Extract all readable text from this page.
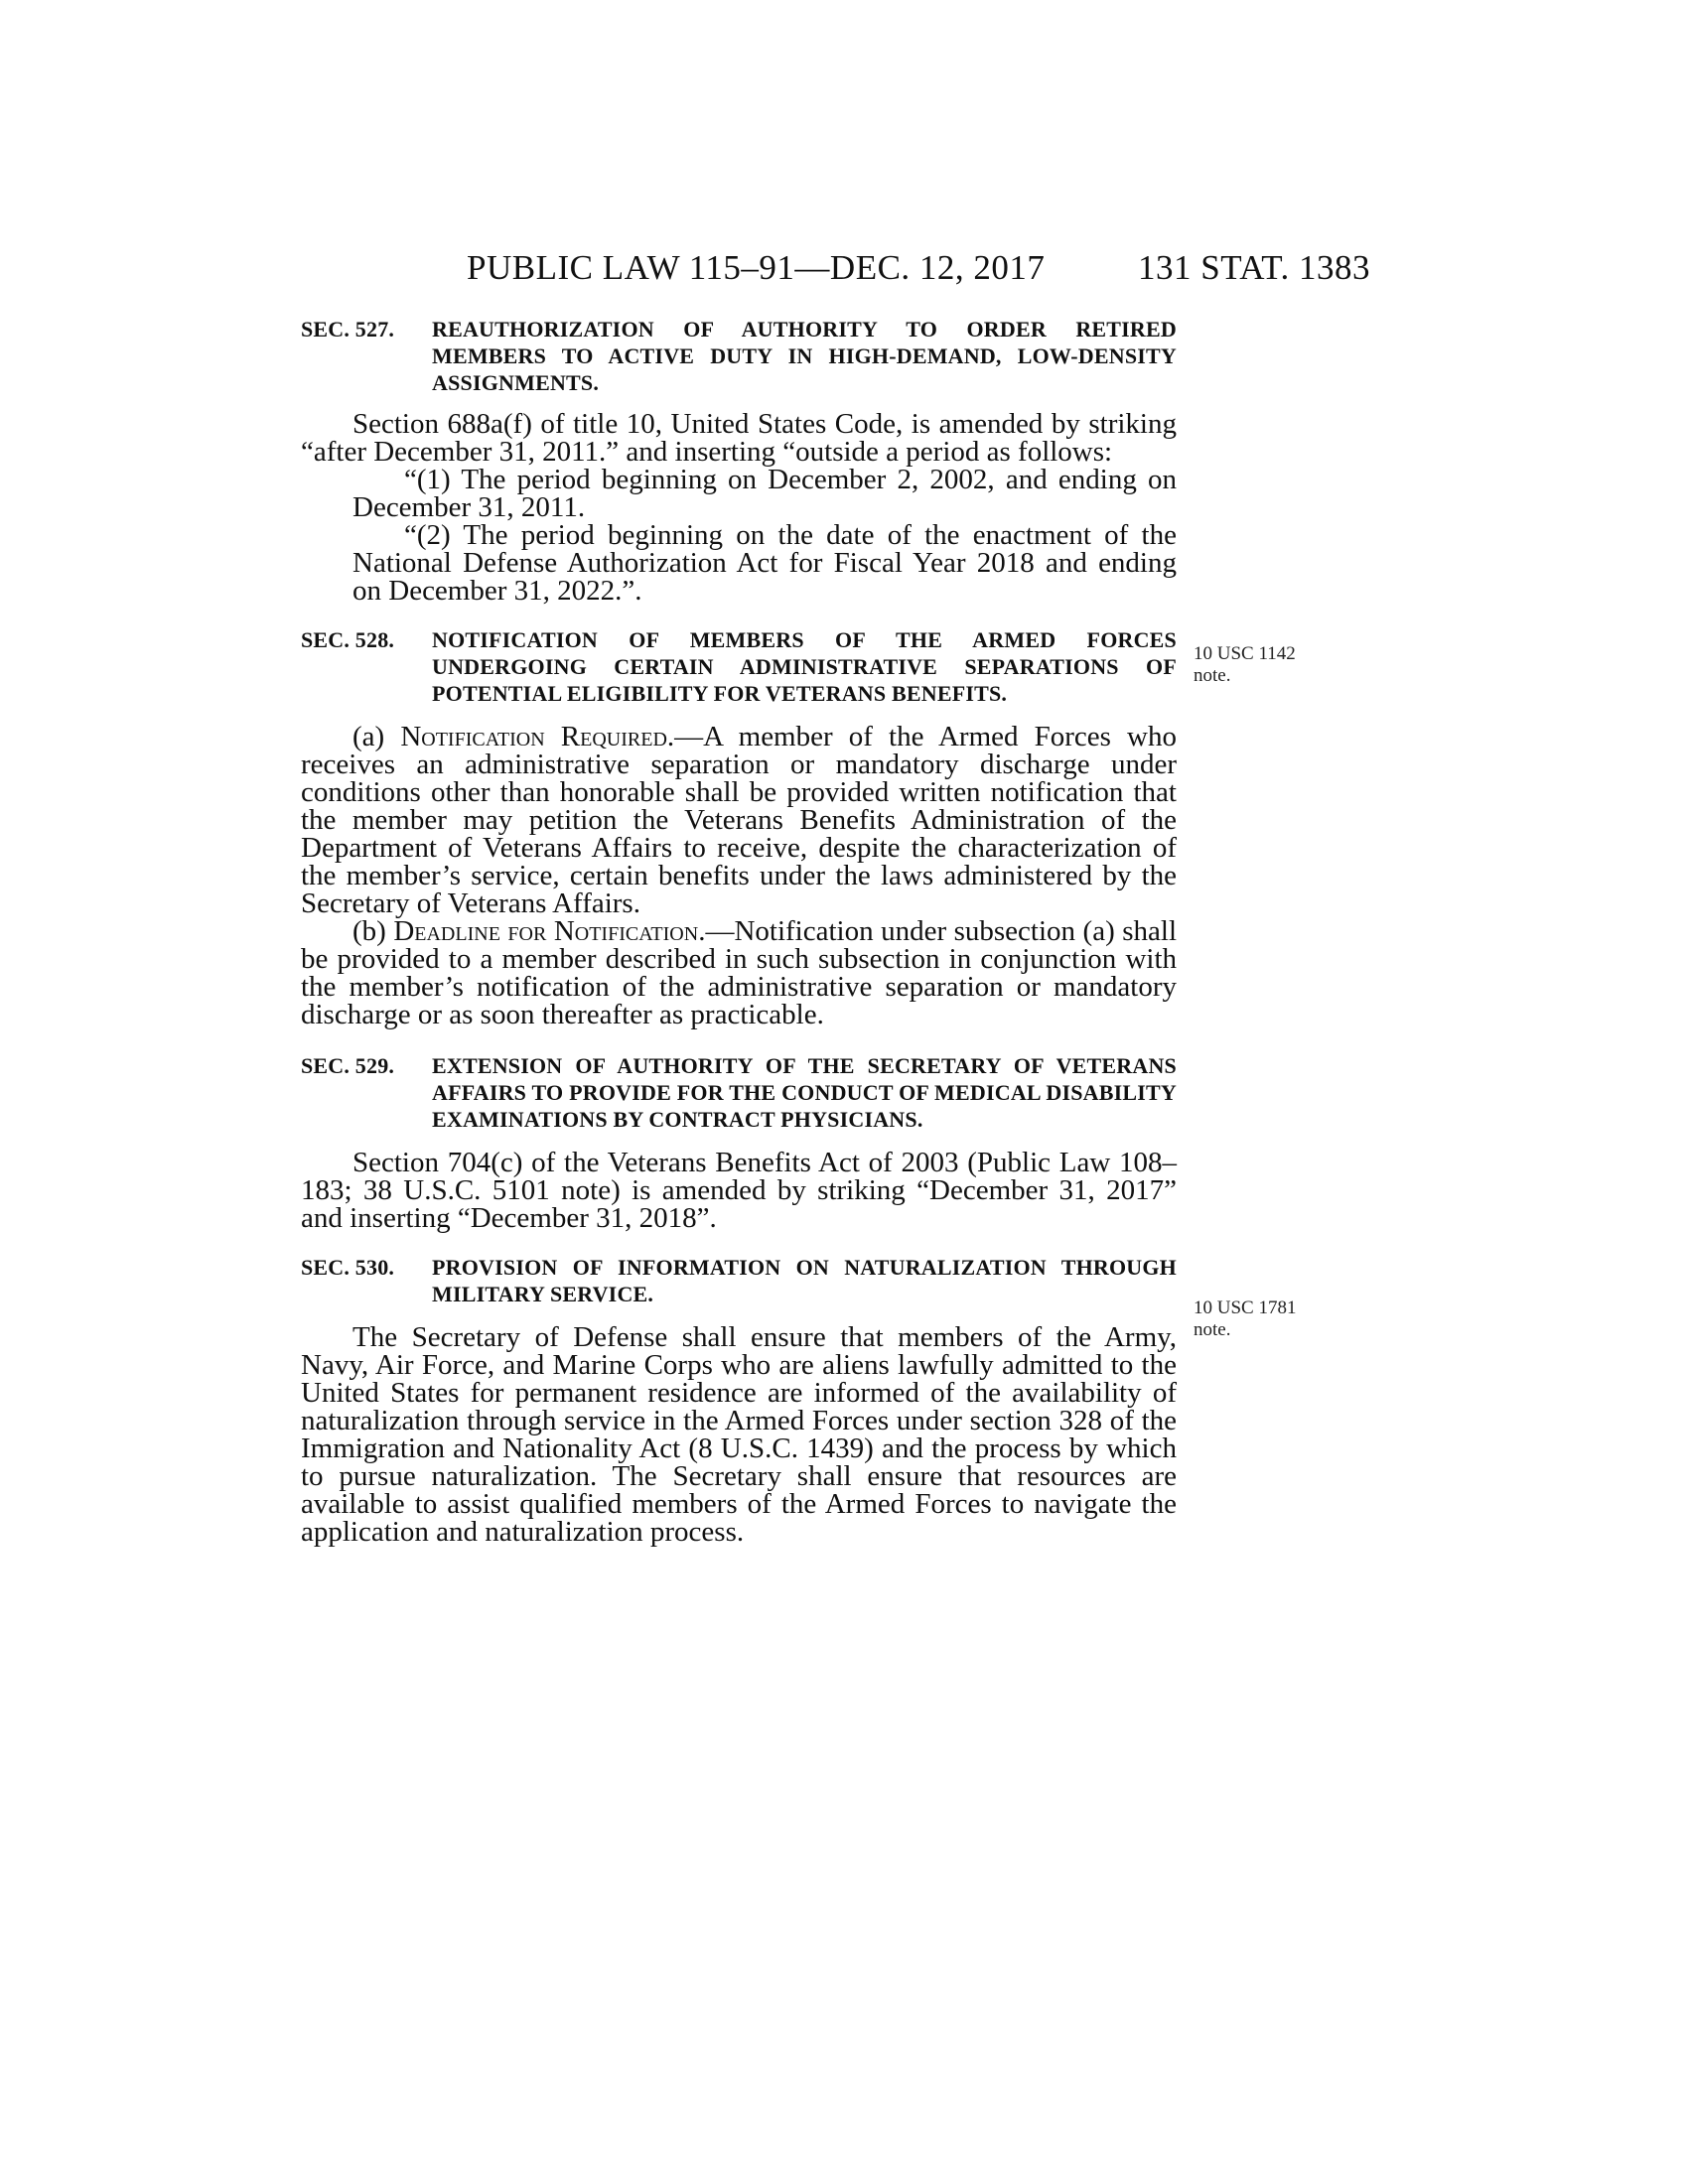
PUBLIC LAW 115–91—DEC. 12, 2017	131 STAT. 1383
10 USC 1142
note.
10 USC 1781
note.
SEC. 527. REAUTHORIZATION OF AUTHORITY TO ORDER RETIRED MEMBERS TO ACTIVE DUTY IN HIGH-DEMAND, LOW-DENSITY ASSIGNMENTS.

Section 688a(f) of title 10, United States Code, is amended by striking “after December 31, 2011.” and inserting “outside a period as follows:

“(1) The period beginning on December 2, 2002, and ending on December 31, 2011.

“(2) The period beginning on the date of the enactment of the National Defense Authorization Act for Fiscal Year 2018 and ending on December 31, 2022.”.

SEC. 528. NOTIFICATION OF MEMBERS OF THE ARMED FORCES UNDERGOING CERTAIN ADMINISTRATIVE SEPARATIONS OF POTENTIAL ELIGIBILITY FOR VETERANS BENEFITS.

(a) Notification Required.—A member of the Armed Forces who receives an administrative separation or mandatory discharge under conditions other than honorable shall be provided written notification that the member may petition the Veterans Benefits Administration of the Department of Veterans Affairs to receive, despite the characterization of the member’s service, certain benefits under the laws administered by the Secretary of Veterans Affairs.

(b) Deadline for Notification.—Notification under subsection (a) shall be provided to a member described in such subsection in conjunction with the member’s notification of the administrative separation or mandatory discharge or as soon thereafter as practicable.

SEC. 529. EXTENSION OF AUTHORITY OF THE SECRETARY OF VETERANS AFFAIRS TO PROVIDE FOR THE CONDUCT OF MEDICAL DISABILITY EXAMINATIONS BY CONTRACT PHYSICIANS.

Section 704(c) of the Veterans Benefits Act of 2003 (Public Law 108–183; 38 U.S.C. 5101 note) is amended by striking “December 31, 2017” and inserting “December 31, 2018”.

SEC. 530. PROVISION OF INFORMATION ON NATURALIZATION THROUGH MILITARY SERVICE.

The Secretary of Defense shall ensure that members of the Army, Navy, Air Force, and Marine Corps who are aliens lawfully admitted to the United States for permanent residence are informed of the availability of naturalization through service in the Armed Forces under section 328 of the Immigration and Nationality Act (8 U.S.C. 1439) and the process by which to pursue naturalization. The Secretary shall ensure that resources are available to assist qualified members of the Armed Forces to navigate the application and naturalization process.
